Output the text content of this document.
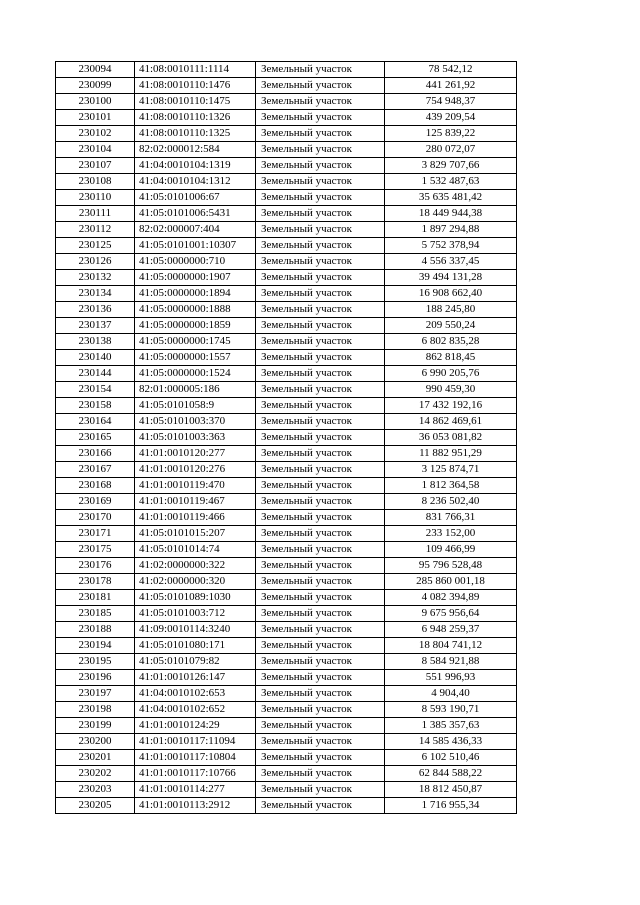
230094	41:08:0010111:1114	Земельный участок	78 542,12
230099	41:08:0010110:1476	Земельный участок	441 261,92
230100	41:08:0010110:1475	Земельный участок	754 948,37
230101	41:08:0010110:1326	Земельный участок	439 209,54
230102	41:08:0010110:1325	Земельный участок	125 839,22
230104	82:02:000012:584	Земельный участок	280 072,07
230107	41:04:0010104:1319	Земельный участок	3 829 707,66
230108	41:04:0010104:1312	Земельный участок	1 532 487,63
230110	41:05:0101006:67	Земельный участок	35 635 481,42
230111	41:05:0101006:5431	Земельный участок	18 449 944,38
230112	82:02:000007:404	Земельный участок	1 897 294,88
230125	41:05:0101001:10307	Земельный участок	5 752 378,94
230126	41:05:0000000:710	Земельный участок	4 556 337,45
230132	41:05:0000000:1907	Земельный участок	39 494 131,28
230134	41:05:0000000:1894	Земельный участок	16 908 662,40
230136	41:05:0000000:1888	Земельный участок	188 245,80
230137	41:05:0000000:1859	Земельный участок	209 550,24
230138	41:05:0000000:1745	Земельный участок	6 802 835,28
230140	41:05:0000000:1557	Земельный участок	862 818,45
230144	41:05:0000000:1524	Земельный участок	6 990 205,76
230154	82:01:000005:186	Земельный участок	990 459,30
230158	41:05:0101058:9	Земельный участок	17 432 192,16
230164	41:05:0101003:370	Земельный участок	14 862 469,61
230165	41:05:0101003:363	Земельный участок	36 053 081,82
230166	41:01:0010120:277	Земельный участок	11 882 951,29
230167	41:01:0010120:276	Земельный участок	3 125 874,71
230168	41:01:0010119:470	Земельный участок	1 812 364,58
230169	41:01:0010119:467	Земельный участок	8 236 502,40
230170	41:01:0010119:466	Земельный участок	831 766,31
230171	41:05:0101015:207	Земельный участок	233 152,00
230175	41:05:0101014:74	Земельный участок	109 466,99
230176	41:02:0000000:322	Земельный участок	95 796 528,48
230178	41:02:0000000:320	Земельный участок	285 860 001,18
230181	41:05:0101089:1030	Земельный участок	4 082 394,89
230185	41:05:0101003:712	Земельный участок	9 675 956,64
230188	41:09:0010114:3240	Земельный участок	6 948 259,37
230194	41:05:0101080:171	Земельный участок	18 804 741,12
230195	41:05:0101079:82	Земельный участок	8 584 921,88
230196	41:01:0010126:147	Земельный участок	551 996,93
230197	41:04:0010102:653	Земельный участок	4 904,40
230198	41:04:0010102:652	Земельный участок	8 593 190,71
230199	41:01:0010124:29	Земельный участок	1 385 357,63
230200	41:01:0010117:11094	Земельный участок	14 585 436,33
230201	41:01:0010117:10804	Земельный участок	6 102 510,46
230202	41:01:0010117:10766	Земельный участок	62 844 588,22
230203	41:01:0010114:277	Земельный участок	18 812 450,87
230205	41:01:0010113:2912	Земельный участок	1 716 955,34
